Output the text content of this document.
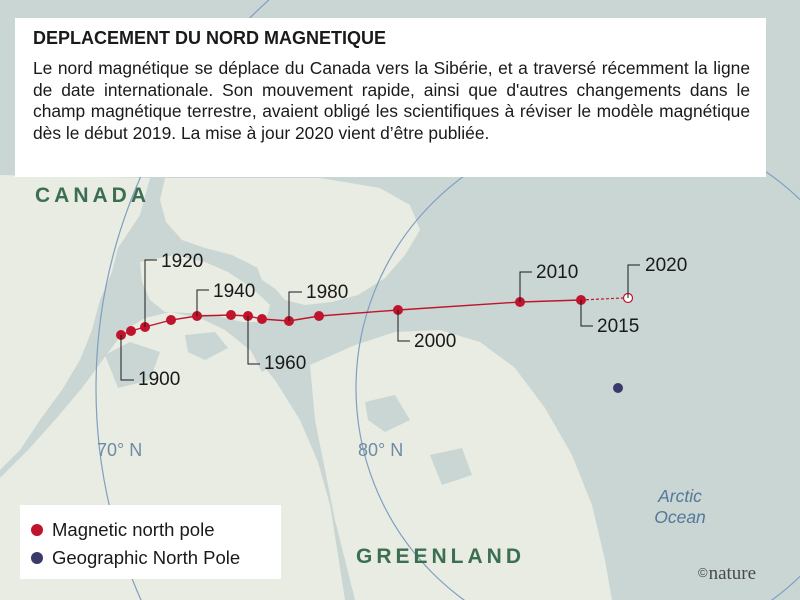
CANADA
GREENLAND
70° N	80° N
Arctic
Ocean
1900
1920
1940
1960
1980
2000
2010
2015
2020
DEPLACEMENT DU NORD MAGNETIQUE

Le nord magnétique se déplace du Canada vers la Sibérie, et a traversé récemment la ligne de date internationale. Son mouvement rapide, ainsi que d'autres changements dans le champ magnétique terrestre, avaient obligé les scientifiques à réviser le modèle magnétique dès le début 2019. La mise à jour 2020 vient d’être publiée.

Magnetic north pole
Geographic North Pole
©nature
